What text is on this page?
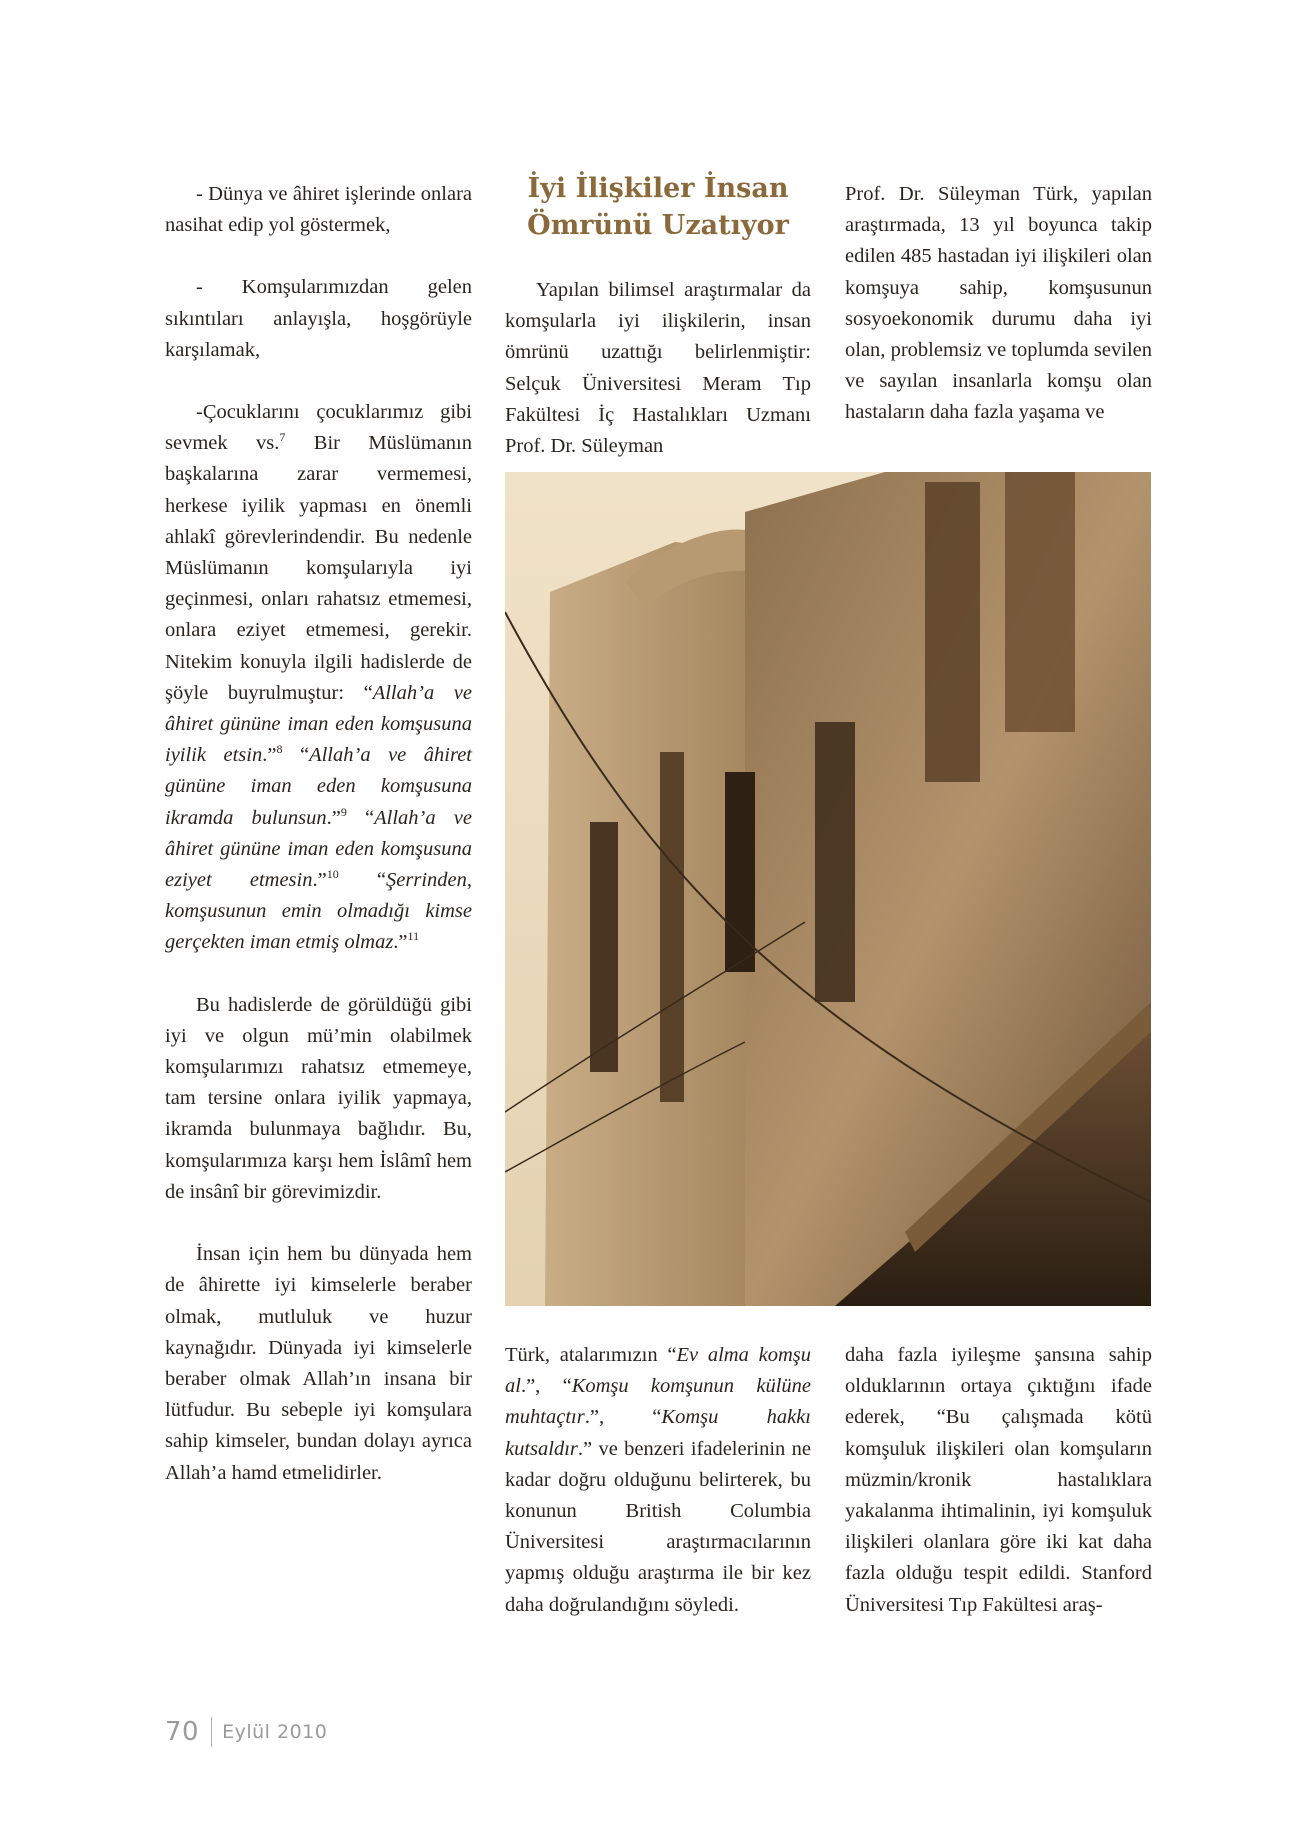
- Dünya ve âhiret işlerinde onlara nasihat edip yol göstermek,

- Komşularımızdan gelen sıkıntıları anlayışla, hoşgörüyle karşılamak,

-Çocuklarını çocuklarımız gibi sevmek vs.$^7$ Bir Müslümanın başkalarına zarar vermemesi, herkese iyilik yapması en önemli ahlakî görevlerindendir. Bu nedenle Müslümanın komşularıyla iyi geçinmesi, onları rahatsız etmemesi, onlara eziyet etmemesi, gerekir. Nitekim konuyla ilgili hadislerde de şöyle buyrulmuştur: “Allah’a ve âhiret gününe iman eden komşusuna iyilik etsin.”$^8$ “Allah’a ve âhiret gününe iman eden komşusuna ikramda bulunsun.”$^9$ “Allah’a ve âhiret gününe iman eden komşusuna eziyet etmesin.”$^{10}$ “Şerrinden, komşusunun emin olmadığı kimse gerçekten iman etmiş olmaz.”$^{11}$

Bu hadislerde de görüldüğü gibi iyi ve olgun mü’min olabilmek komşularımızı rahatsız etmemeye, tam tersine onlara iyilik yapmaya, ikramda bulunmaya bağlıdır. Bu, komşularımıza karşı hem İslâmî hem de insânî bir görevimizdir.

İnsan için hem bu dünyada hem de âhirette iyi kimselerle beraber olmak, mutluluk ve huzur kaynağıdır. Dünyada iyi kimselerle beraber olmak Allah’ın insana bir lütfudur. Bu sebeple iyi komşulara sahip kimseler, bundan dolayı ayrıca Allah’a hamd etmelidirler.

İyi İlişkiler İnsan Ömrünü Uzatıyor

Yapılan bilimsel araştırmalar da komşularla iyi ilişkilerin, insan ömrünü uzattığı belirlenmiştir: Selçuk Üniversitesi Meram Tıp Fakültesi İç Hastalıkları Uzmanı Prof. Dr. Süleyman

Prof. Dr. Süleyman Türk, yapılan araştırmada, 13 yıl boyunca takip edilen 485 hastadan iyi ilişkileri olan komşuya sahip, komşusunun sosyoekonomik durumu daha iyi olan, problemsiz ve toplumda sevilen ve sayılan insanlarla komşu olan hastaların daha fazla yaşama ve

Türk, atalarımızın “Ev alma komşu al.”, “Komşu komşunun külüne muhtaçtır.”, “Komşu hakkı kutsaldır.” ve benzeri ifadelerinin ne kadar doğru olduğunu belirterek, bu konunun British Columbia Üniversitesi araştırmacılarının yapmış olduğu araştırma ile bir kez daha doğrulandığını söyledi.

daha fazla iyileşme şansına sahip olduklarının ortaya çıktığını ifade ederek, “Bu çalışmada kötü komşuluk ilişkileri olan komşuların müzmin/kronik hastalıklara yakalanma ihtimalinin, iyi komşuluk ilişkileri olanlara göre iki kat daha fazla olduğu tespit edildi. Stanford Üniversitesi Tıp Fakültesi araş-

70 Eylül 2010
